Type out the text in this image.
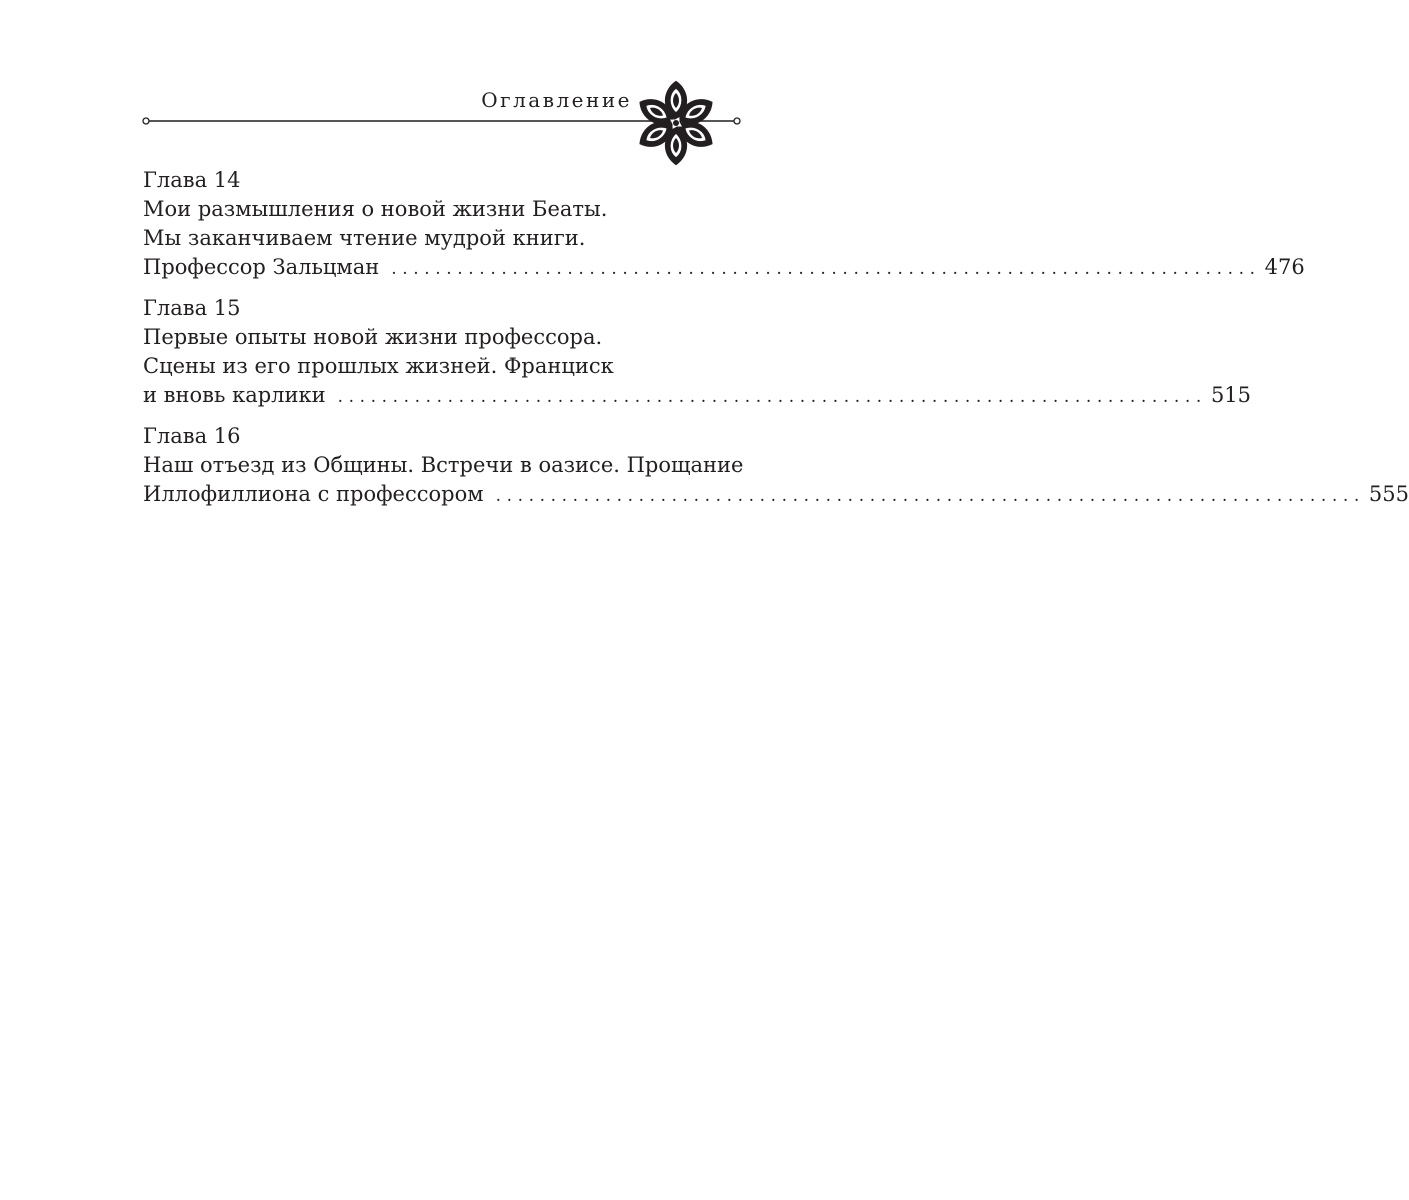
Оглавление
Глава 14
Мои размышления о новой жизни Беаты.
Мы заканчиваем чтение мудрой книги.
Профессор Зальцман ............................................................................... 476
Глава 15
Первые опыты новой жизни профессора.
Сцены из его прошлых жизней. Франциск
и вновь карлики ............................................................................... 515
Глава 16
Наш отъезд из Общины. Встречи в оазисе. Прощание
Иллофиллиона с профессором ............................................................................... 555
